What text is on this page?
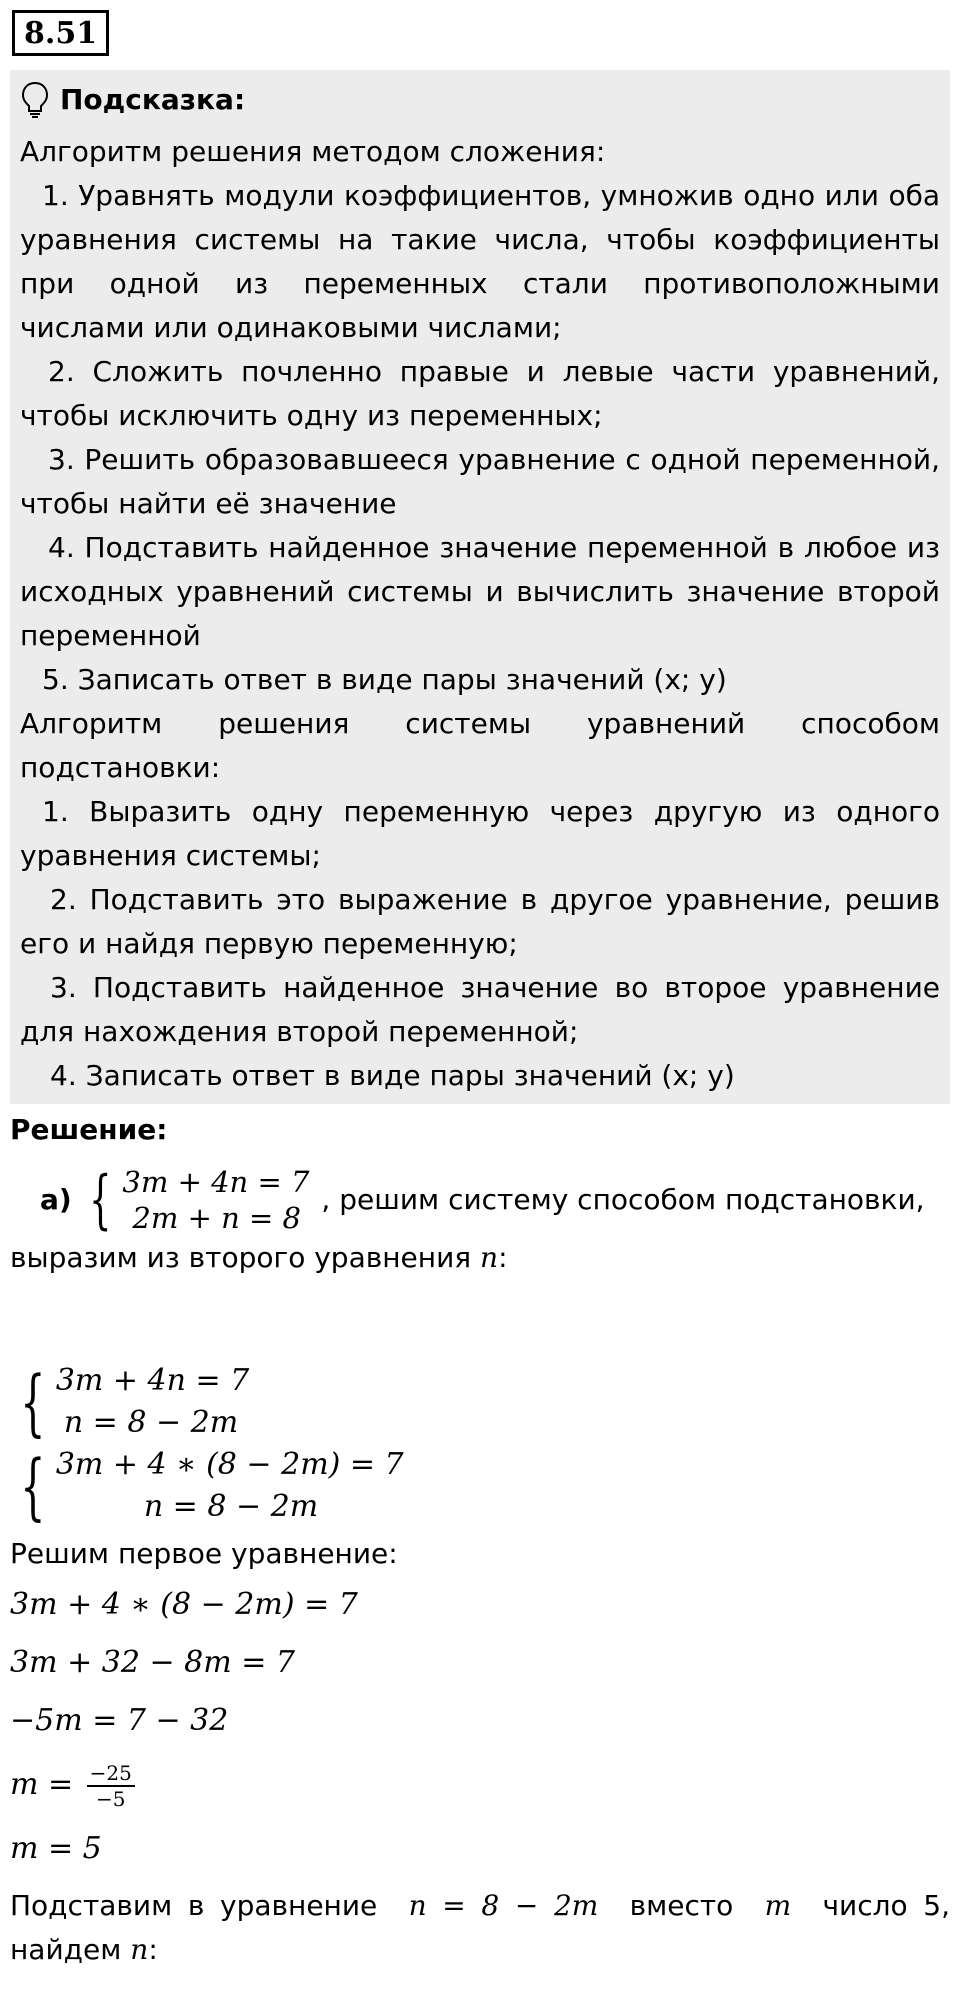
8.51
Подсказка:
Алгоритм решения методом сложения:
1. Уравнять модули коэффициентов, умножив одно или оба уравнения системы на такие числа, чтобы коэффициенты при одной из переменных стали противоположными числами или одинаковыми числами;
2. Сложить почленно правые и левые части уравнений, чтобы исключить одну из переменных;
3. Решить образовавшееся уравнение с одной переменной, чтобы найти её значение
4. Подставить найденное значение переменной в любое из исходных уравнений системы и вычислить значение второй переменной
5. Записать ответ в виде пары значений (x; y)
Алгоритм решения системы уравнений способом подстановки:
1. Выразить одну переменную через другую из одного уравнения системы;
2. Подставить это выражение в другое уравнение, решив его и найдя первую переменную;
3. Подставить найденное значение во второе уравнение для нахождения второй переменной;
4. Записать ответ в виде пары значений (x; y)
Решение:
а) { 3m + 4n = 7
2m + n = 8
, решим систему способом подстановки,
выразим из второго уравнения n:
{ 3m + 4n = 7
n = 8 − 2m
{ 3m + 4 ∗ (8 − 2m) = 7
n = 8 − 2m
Решим первое уравнение:
3m + 4 ∗ (8 − 2m) = 7
3m + 32 − 8m = 7
−5m = 7 − 32
$m = \frac{-25}{-5}$
m = 5
Подставим в уравнение n = 8 − 2m вместо m число 5, найдем n:
